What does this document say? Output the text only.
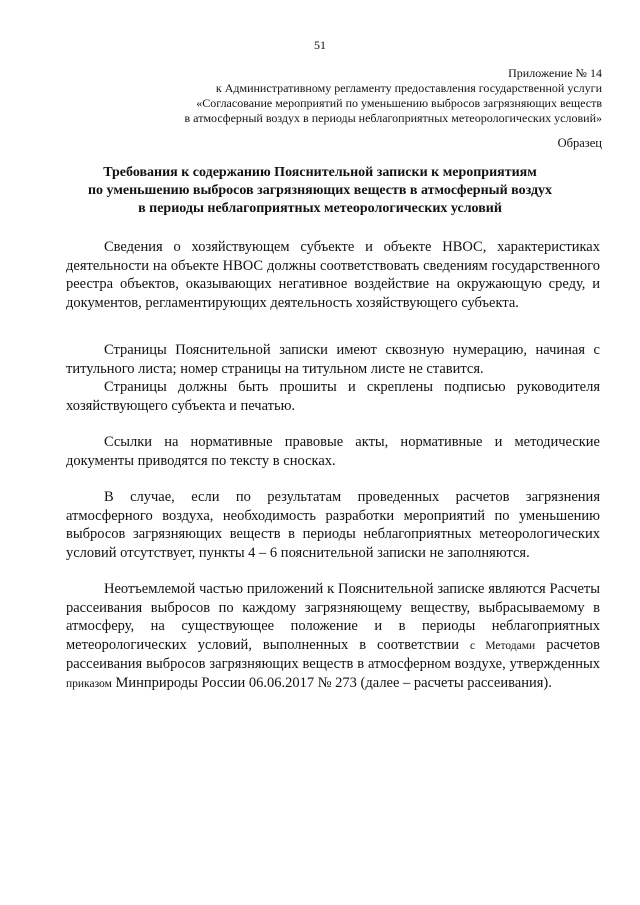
51
Приложение № 14
к Административному регламенту предоставления государственной услуги
«Согласование мероприятий по уменьшению выбросов загрязняющих веществ
в атмосферный воздух в периоды неблагоприятных метеорологических условий»
Образец
Требования к содержанию Пояснительной записки к мероприятиям
по уменьшению выбросов загрязняющих веществ в атмосферный воздух
в периоды неблагоприятных метеорологических условий

Сведения о хозяйствующем субъекте и объекте НВОС, характеристиках деятельности на объекте НВОС должны соответствовать сведениям государственного реестра объектов, оказывающих негативное воздействие на окружающую среду, и документов, регламентирующих деятельность хозяйствующего субъекта.

Страницы Пояснительной записки имеют сквозную нумерацию, начиная с титульного листа; номер страницы на титульном листе не ставится.

Страницы должны быть прошиты и скреплены подписью руководителя хозяйствующего субъекта и печатью.

Ссылки на нормативные правовые акты, нормативные и методические документы приводятся по тексту в сносках.

В случае, если по результатам проведенных расчетов загрязнения атмосферного воздуха, необходимость разработки мероприятий по уменьшению выбросов загрязняющих веществ в периоды неблагоприятных метеорологических условий отсутствует, пункты 4 – 6 пояснительной записки не заполняются.

Неотъемлемой частью приложений к Пояснительной записке являются Расчеты рассеивания выбросов по каждому загрязняющему веществу, выбрасываемому в атмосферу, на существующее положение и в периоды неблагоприятных метеорологических условий, выполненных в соответствии с Методами расчетов рассеивания выбросов загрязняющих веществ в атмосферном воздухе, утвержденных приказом Минприроды России 06.06.2017 № 273 (далее – расчеты рассеивания).
